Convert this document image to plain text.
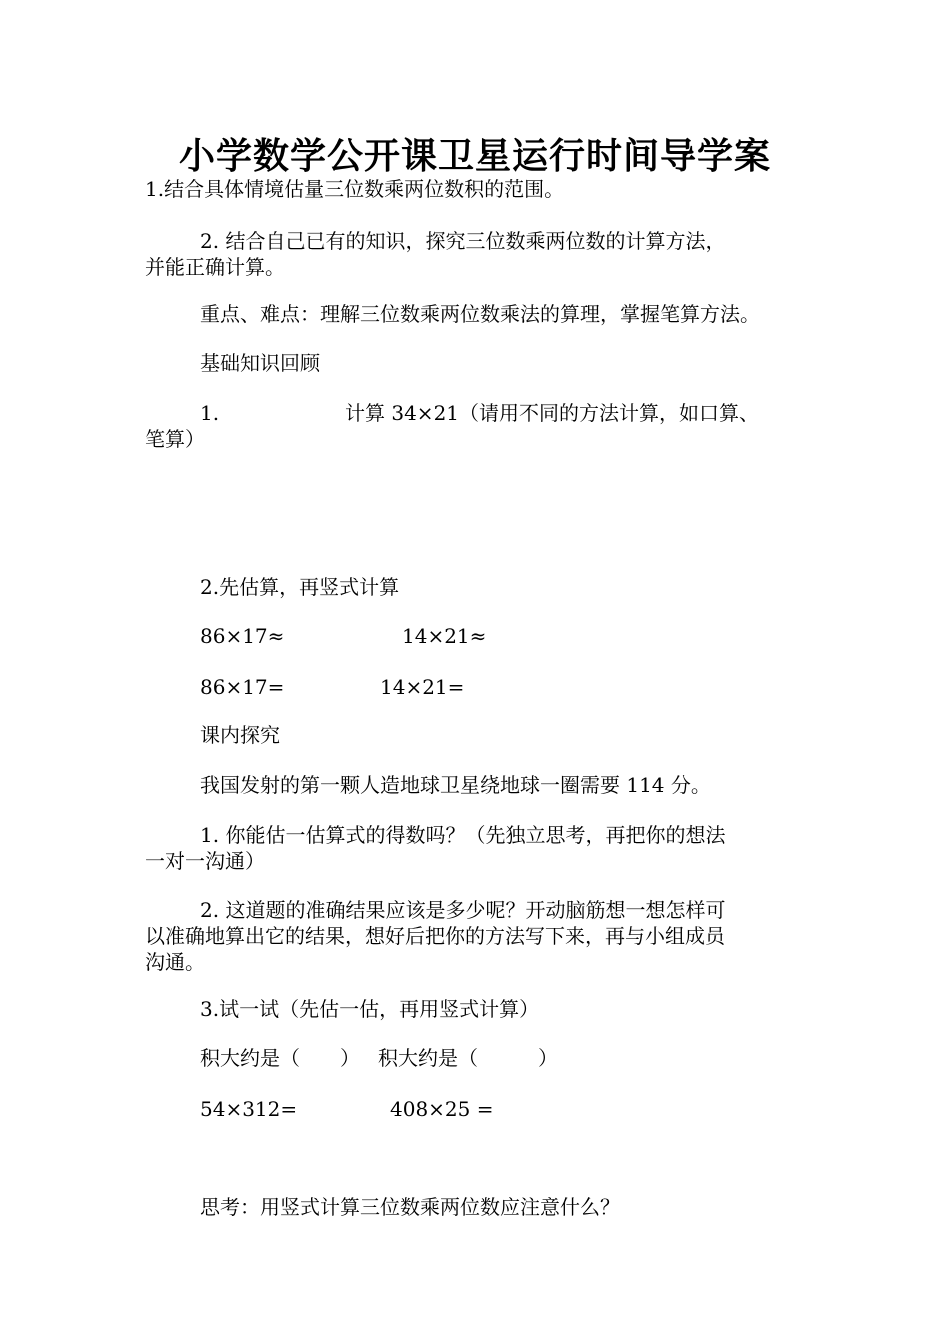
小学数学公开课卫星运行时间导学案
1.结合具体情境估量三位数乘两位数积的范围。
2. 结合自己已有的知识，探究三位数乘两位数的计算方法，
并能正确计算。
重点、难点：理解三位数乘两位数乘法的算理，掌握笔算方法。
基础知识回顾
1.	计算 34×21（请用不同的方法计算，如口算、
笔算）
2.先估算，再竖式计算
86×17≈	14×21≈
86×17=	14×21=
课内探究
我国发射的第一颗人造地球卫星绕地球一圈需要 114 分。
1. 你能估一估算式的得数吗？（先独立思考，再把你的想法
一对一沟通）
2. 这道题的准确结果应该是多少呢？开动脑筋想一想怎样可
以准确地算出它的结果，想好后把你的方法写下来，再与小组成员
沟通。
3.试一试（先估一估，再用竖式计算）
积大约是（　　） 积大约是（　　　）
54×312=	408×25 =
思考：用竖式计算三位数乘两位数应注意什么？
